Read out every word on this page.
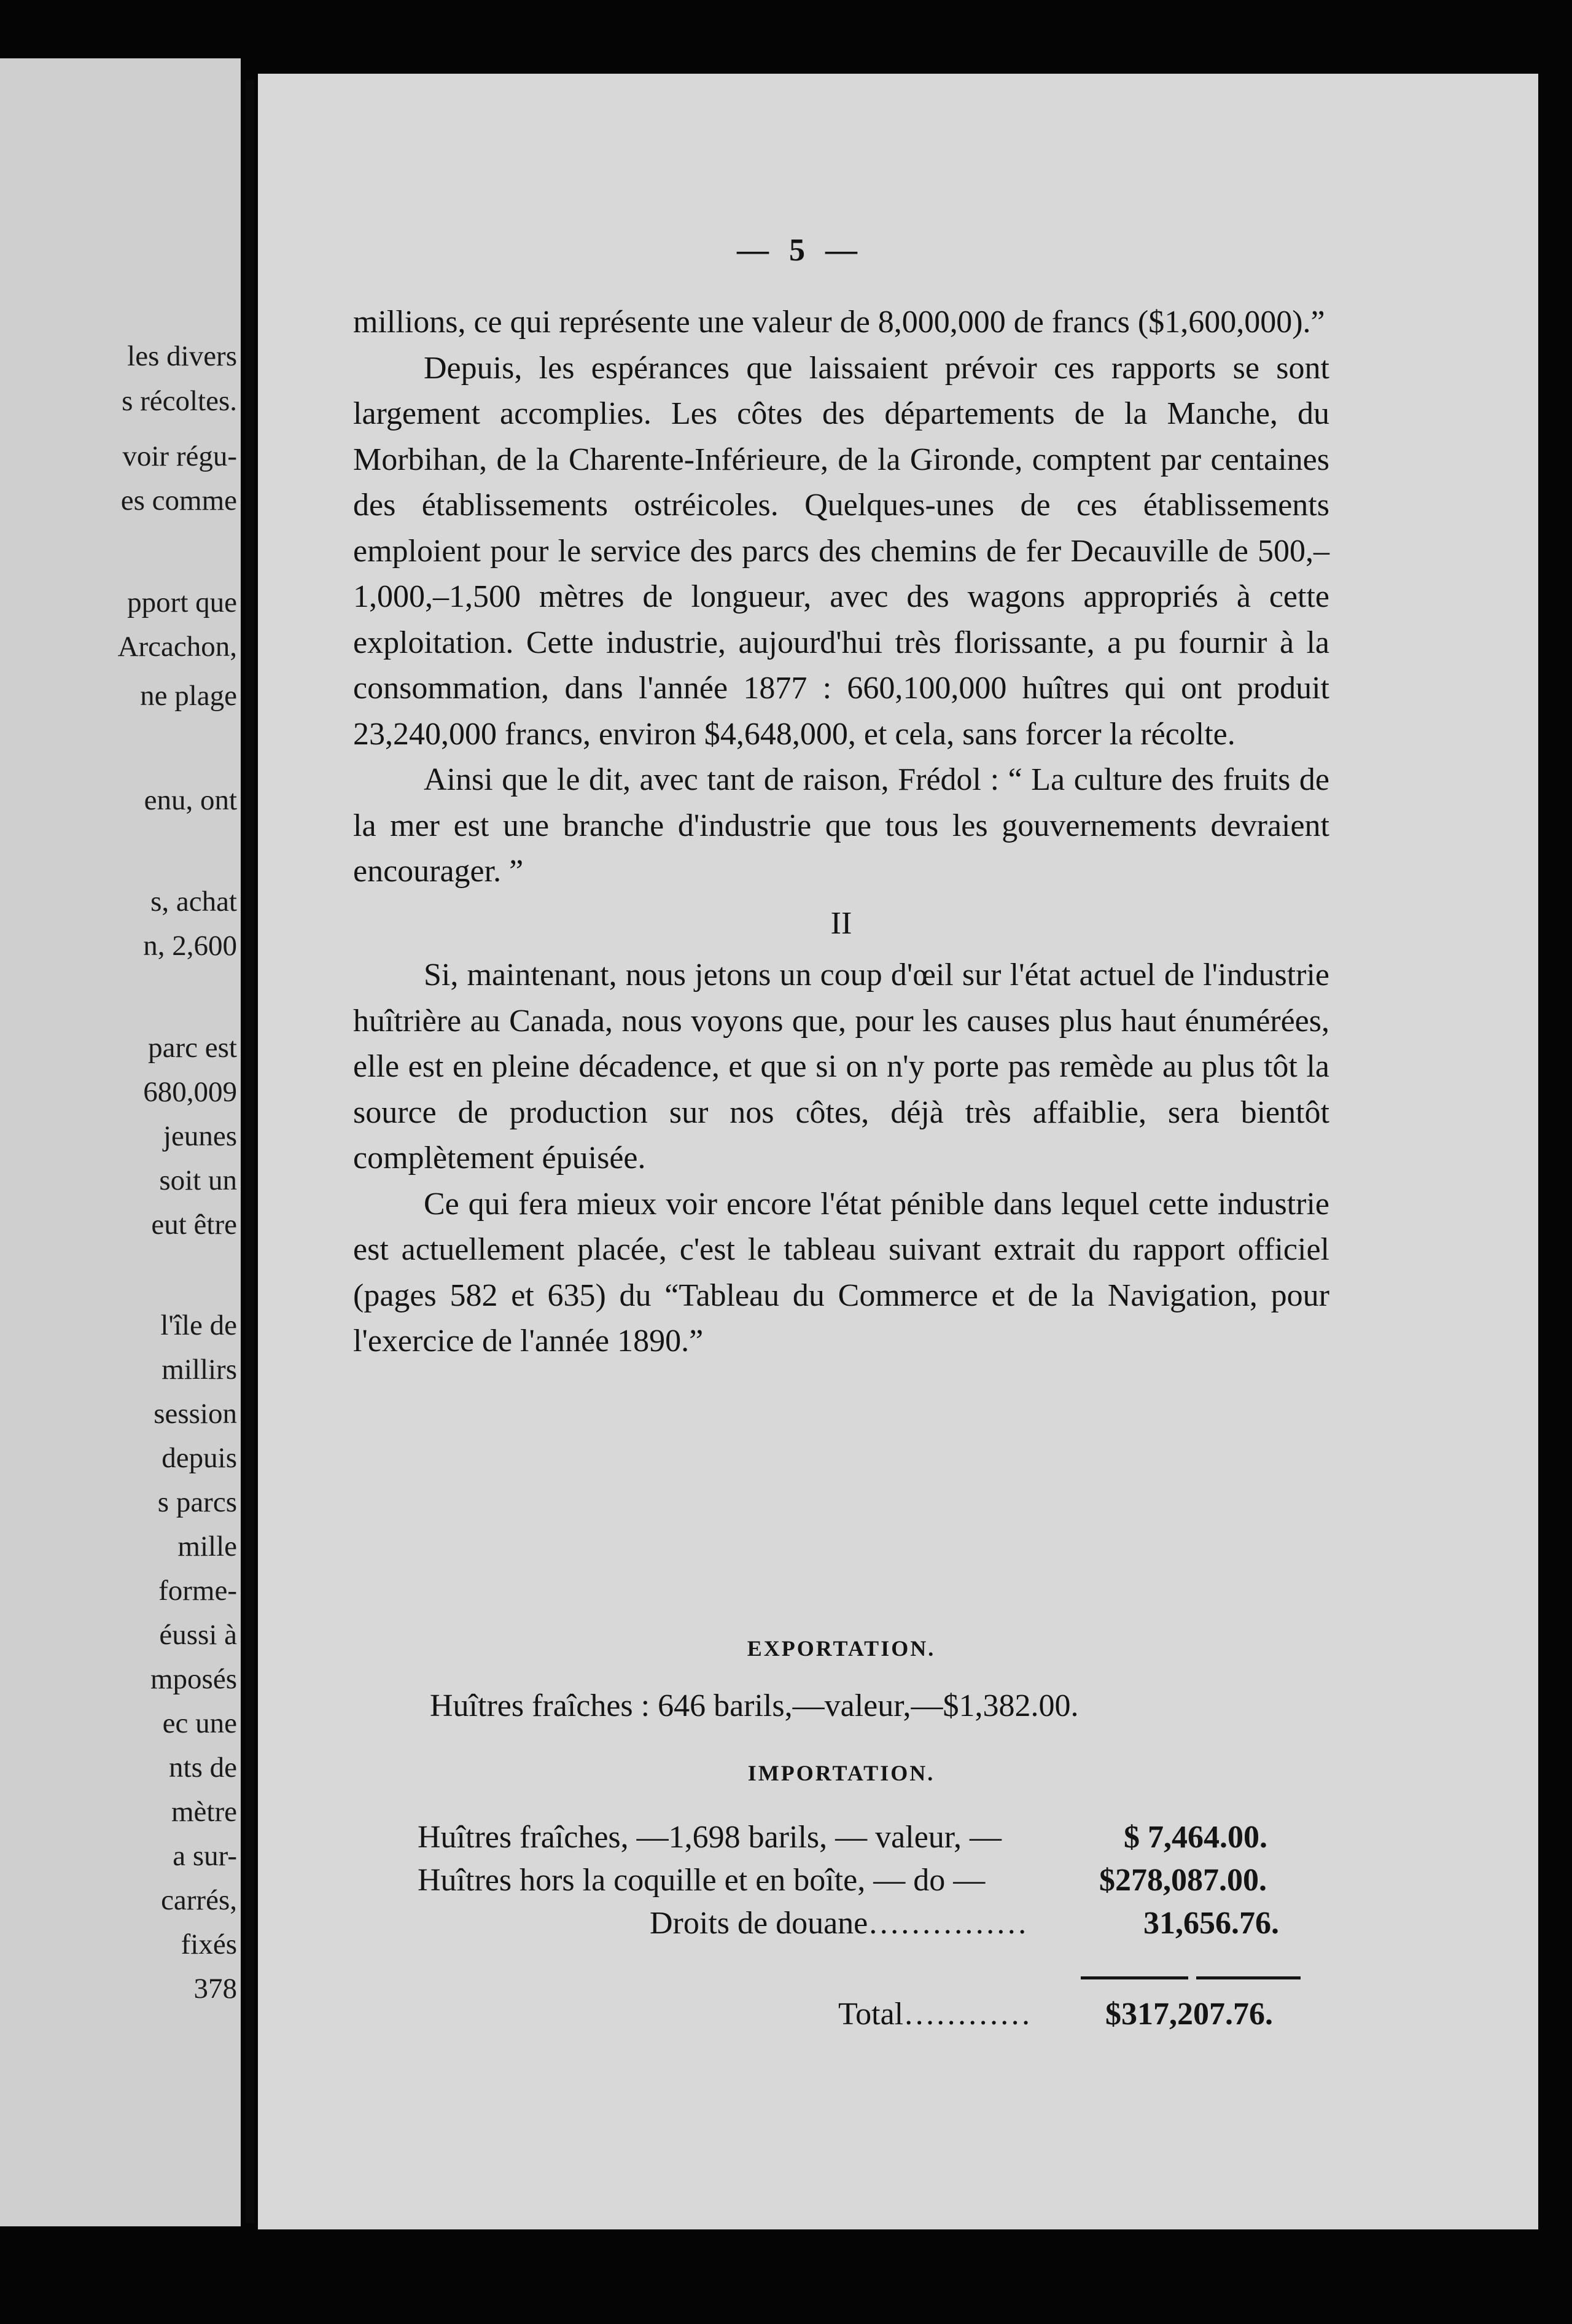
les divers
s récoltes.
voir régu-
es comme
pport que
Arcachon,
ne plage
enu, ont
s, achat
n, 2,600
parc est
680,009
jeunes
soit un
eut être
l'île de
millirs
session
depuis
s parcs
mille
forme-
éussi à
mposés
ec une
nts de
mètre
a sur-
carrés,
fixés
378
— 5 —

millions, ce qui représente une valeur de 8,000,000 de francs ($1,600,000).”

Depuis, les espérances que laissaient prévoir ces rapports se sont largement accomplies. Les côtes des départements de la Manche, du Morbihan, de la Charente-Inférieure, de la Gironde, comptent par centaines des établissements ostréicoles. Quelques-unes de ces établissements emploient pour le service des parcs des chemins de fer Decauville de 500,–1,000,–1,500 mètres de longueur, avec des wagons appropriés à cette exploitation. Cette industrie, aujourd'hui très florissante, a pu fournir à la consommation, dans l'année 1877 : 660,100,000 huîtres qui ont produit 23,240,000 francs, environ $4,648,000, et cela, sans forcer la récolte.

Ainsi que le dit, avec tant de raison, Frédol : “ La culture des fruits de la mer est une branche d'industrie que tous les gouvernements devraient encourager. ”

II

Si, maintenant, nous jetons un coup d'œil sur l'état actuel de l'industrie huîtrière au Canada, nous voyons que, pour les causes plus haut énumérées, elle est en pleine décadence, et que si on n'y porte pas remède au plus tôt la source de production sur nos côtes, déjà très affaiblie, sera bientôt complètement épuisée.

Ce qui fera mieux voir encore l'état pénible dans lequel cette industrie est actuellement placée, c'est le tableau suivant extrait du rapport officiel (pages 582 et 635) du “Tableau du Commerce et de la Navigation, pour l'exercice de l'année 1890.”

EXPORTATION.
Huîtres fraîches : 646 barils,—valeur,—$1,382.00.
IMPORTATION.
Huîtres fraîches, —1,698 barils, — valeur, —	$ 7,464.00.
Huîtres hors la coquille et en boîte, — do —	$278,087.00.
Droits de douane……………	31,656.76.
Total………… $317,207.76.
